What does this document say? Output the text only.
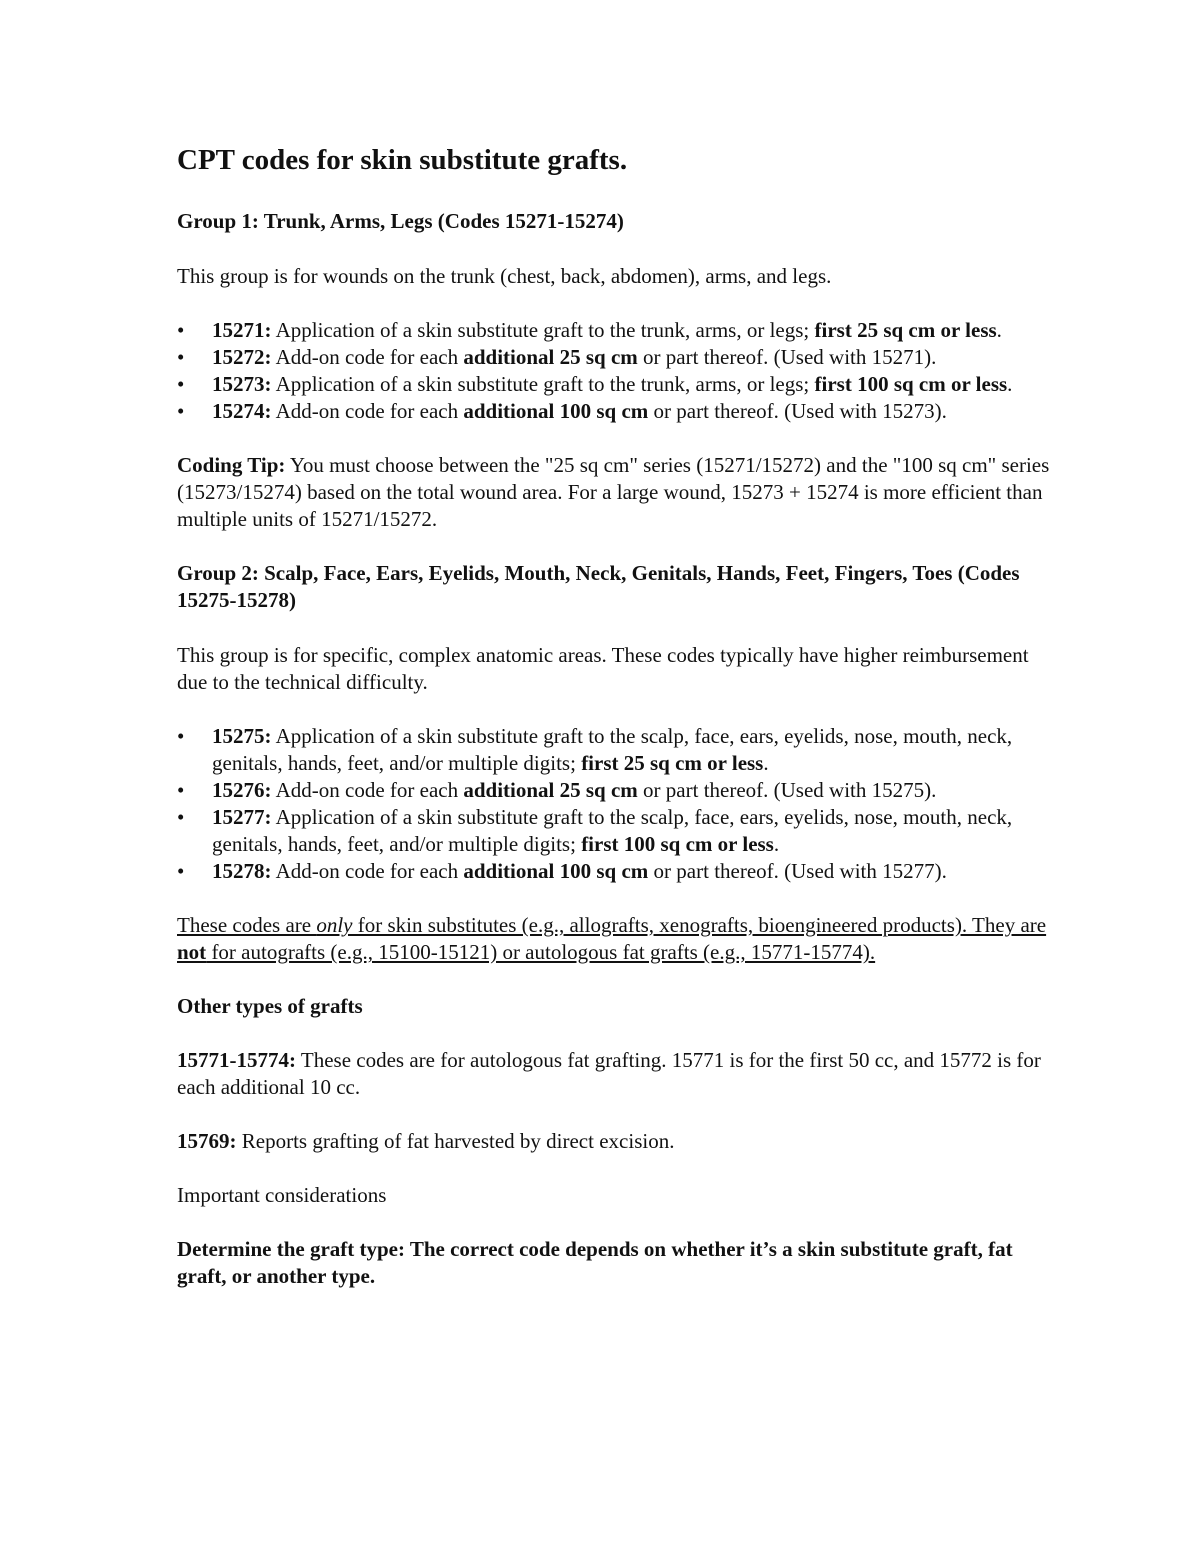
CPT codes for skin substitute grafts.

Group 1: Trunk, Arms, Legs (Codes 15271-15274)

This group is for wounds on the trunk (chest, back, abdomen), arms, and legs.

•	15271: Application of a skin substitute graft to the trunk, arms, or legs; first 25 sq cm or less.
•	15272: Add-on code for each additional 25 sq cm or part thereof. (Used with 15271).
•	15273: Application of a skin substitute graft to the trunk, arms, or legs; first 100 sq cm or less.
•	15274: Add-on code for each additional 100 sq cm or part thereof. (Used with 15273).

Coding Tip: You must choose between the "25 sq cm" series (15271/15272) and the "100 sq cm" series (15273/15274) based on the total wound area. For a large wound, 15273 + 15274 is more efficient than multiple units of 15271/15272.

Group 2: Scalp, Face, Ears, Eyelids, Mouth, Neck, Genitals, Hands, Feet, Fingers, Toes (Codes 15275-15278)

This group is for specific, complex anatomic areas. These codes typically have higher reimbursement due to the technical difficulty.

•	15275: Application of a skin substitute graft to the scalp, face, ears, eyelids, nose, mouth, neck, genitals, hands, feet, and/or multiple digits; first 25 sq cm or less.
•	15276: Add-on code for each additional 25 sq cm or part thereof. (Used with 15275).
•	15277: Application of a skin substitute graft to the scalp, face, ears, eyelids, nose, mouth, neck, genitals, hands, feet, and/or multiple digits; first 100 sq cm or less.
•	15278: Add-on code for each additional 100 sq cm or part thereof. (Used with 15277).

These codes are only for skin substitutes (e.g., allografts, xenografts, bioengineered products). They are not for autografts (e.g., 15100-15121) or autologous fat grafts (e.g., 15771-15774).

Other types of grafts

15771-15774: These codes are for autologous fat grafting. 15771 is for the first 50 cc, and 15772 is for each additional 10 cc.

15769: Reports grafting of fat harvested by direct excision.

Important considerations

Determine the graft type: The correct code depends on whether it’s a skin substitute graft, fat graft, or another type.
